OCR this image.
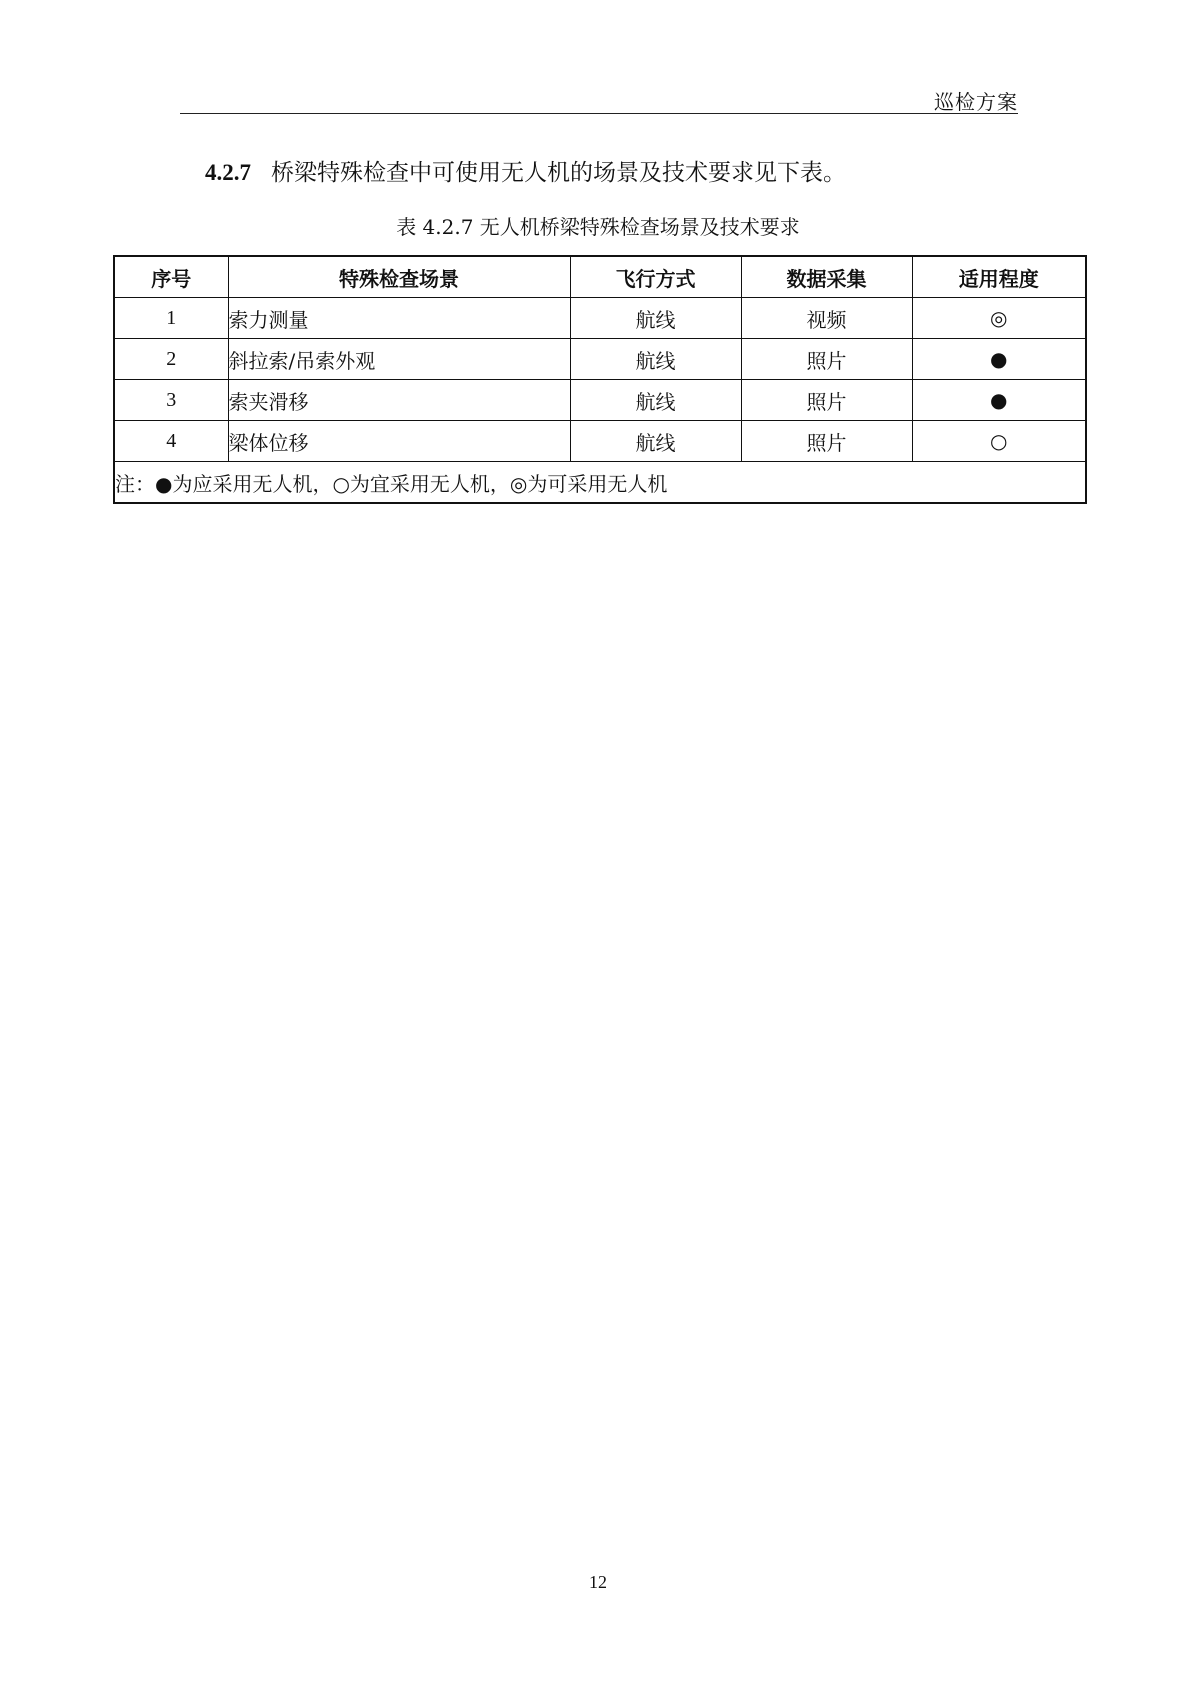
巡检方案
4.2.7 桥梁特殊检查中可使用无人机的场景及技术要求见下表。
表 4.2.7 无人机桥梁特殊检查场景及技术要求
序号	特殊检查场景	飞行方式	数据采集	适用程度
1	索力测量	航线	视频	◎
2	斜拉索/吊索外观	航线	照片	●
3	索夹滑移	航线	照片	●
4	梁体位移	航线	照片	○
注：●为应采用无人机，○为宜采用无人机，◎为可采用无人机				
12
